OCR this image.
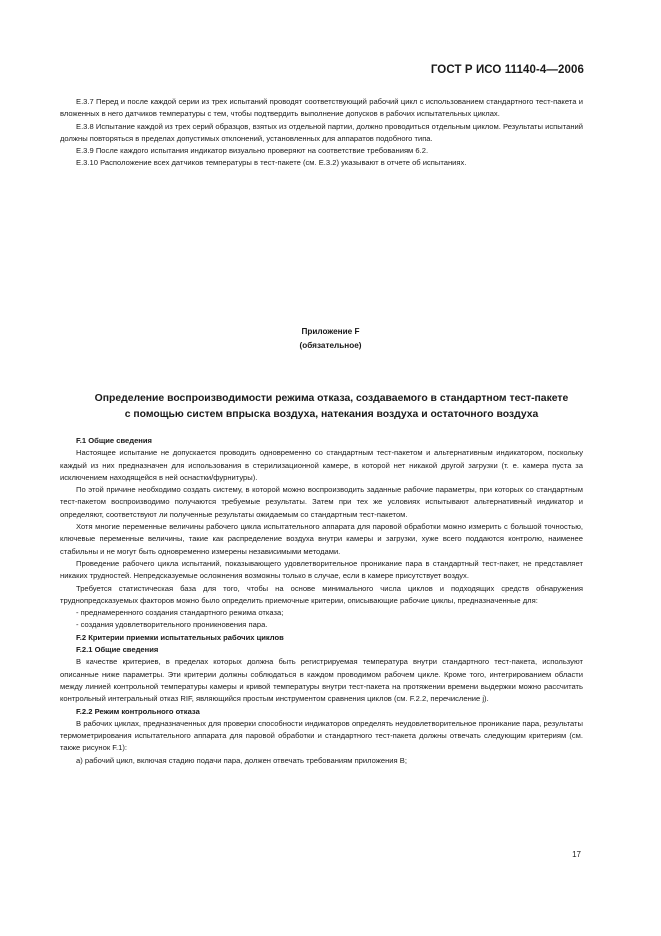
ГОСТ Р ИСО 11140-4—2006

Е.3.7 Перед и после каждой серии из трех испытаний проводят соответствующий рабочий цикл с использованием стандартного тест-пакета и вложенных в него датчиков температуры с тем, чтобы подтвердить выполнение допусков в рабочих испытательных циклах.

Е.3.8 Испытание каждой из трех серий образцов, взятых из отдельной партии, должно проводиться отдельным циклом. Результаты испытаний должны повторяться в пределах допустимых отклонений, установленных для аппаратов подобного типа.

Е.3.9 После каждого испытания индикатор визуально проверяют на соответствие требованиям 6.2.

Е.3.10 Расположение всех датчиков температуры в тест-пакете (см. Е.3.2) указывают в отчете об испытаниях.

Приложение F
(обязательное)
Определение воспроизводимости режима отказа, создаваемого в стандартном тест-пакете
с помощью систем впрыска воздуха, натекания воздуха и остаточного воздуха

F.1 Общие сведения

Настоящее испытание не допускается проводить одновременно со стандартным тест-пакетом и альтернативным индикатором, поскольку каждый из них предназначен для использования в стерилизационной камере, в которой нет никакой другой загрузки (т. е. камера пуста за исключением находящейся в ней оснастки/фурнитуры).

По этой причине необходимо создать систему, в которой можно воспроизводить заданные рабочие параметры, при которых со стандартным тест-пакетом воспроизводимо получаются требуемые результаты. Затем при тех же условиях испытывают альтернативный индикатор и определяют, соответствуют ли полученные результаты ожидаемым со стандартным тест-пакетом.

Хотя многие переменные величины рабочего цикла испытательного аппарата для паровой обработки можно измерить с большой точностью, ключевые переменные величины, такие как распределение воздуха внутри камеры и загрузки, хуже всего поддаются контролю, наименее стабильны и не могут быть одновременно измерены независимыми методами.

Проведение рабочего цикла испытаний, показывающего удовлетворительное проникание пара в стандартный тест-пакет, не представляет никаких трудностей. Непредсказуемые осложнения возможны только в случае, если в камере присутствует воздух.

Требуется статистическая база для того, чтобы на основе минимального числа циклов и подходящих средств обнаружения труднопредсказуемых факторов можно было определить приемочные критерии, описывающие рабочие циклы, предназначенные для:

- преднамеренного создания стандартного режима отказа;

- создания удовлетворительного проникновения пара.

F.2 Критерии приемки испытательных рабочих циклов

F.2.1 Общие сведения

В качестве критериев, в пределах которых должна быть регистрируемая температура внутри стандартного тест-пакета, используют описанные ниже параметры. Эти критерии должны соблюдаться в каждом проводимом рабочем цикле. Кроме того, интегрированием области между линией контрольной температуры камеры и кривой температуры внутри тест-пакета на протяжении времени выдержки можно рассчитать контрольный интегральный отказ RIF, являющийся простым инструментом сравнения циклов (см. F.2.2, перечисление j).

F.2.2 Режим контрольного отказа

В рабочих циклах, предназначенных для проверки способности индикаторов определять неудовлетворительное проникание пара, результаты термометрирования испытательного аппарата для паровой обработки и стандартного тест-пакета должны отвечать следующим критериям (см. также рисунок F.1):

а) рабочий цикл, включая стадию подачи пара, должен отвечать требованиям приложения B;

17
